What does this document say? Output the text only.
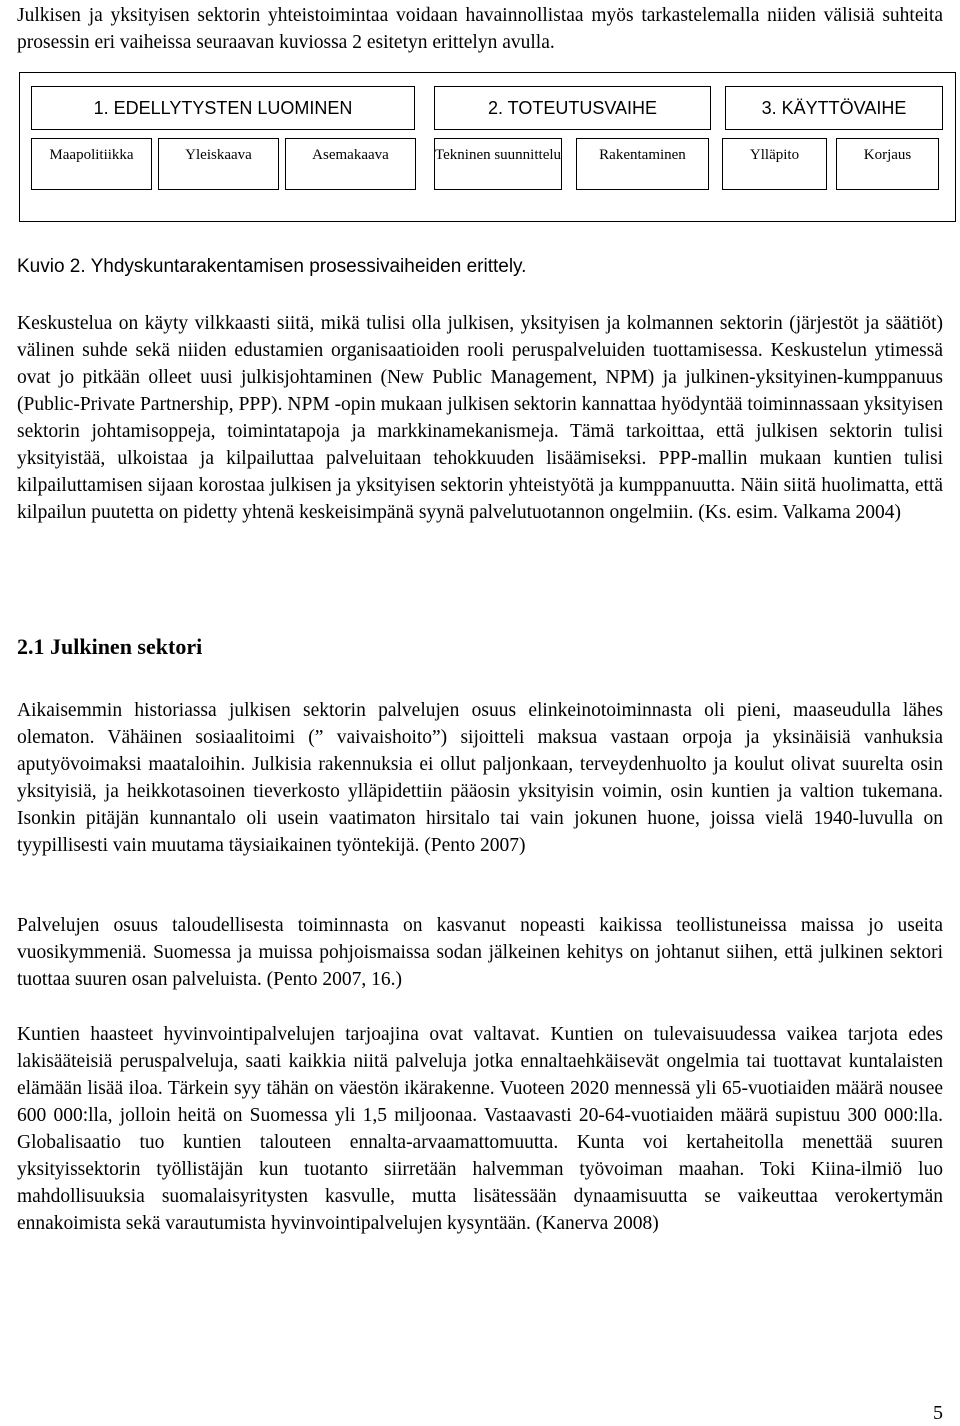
Julkisen ja yksityisen sektorin yhteistoimintaa voidaan havainnollistaa myös tarkastelemalla niiden välisiä suhteita prosessin eri vaiheissa seuraavan kuviossa 2 esitetyn erittelyn avulla.

1. EDELLYTYSTEN LUOMINEN	2. TOTEUTUSVAIHE	3. KÄYTTÖVAIHE
Maapolitiikka	Yleiskaava	Asemakaava	Tekninen suunnittelu	Rakentaminen	Ylläpito	Korjaus
Kuvio 2. Yhdyskuntarakentamisen prosessivaiheiden erittely.

Keskustelua on käyty vilkkaasti siitä, mikä tulisi olla julkisen, yksityisen ja kolmannen sektorin (järjestöt ja säätiöt) välinen suhde sekä niiden edustamien organisaatioiden rooli peruspalveluiden tuottamisessa. Keskustelun ytimessä ovat jo pitkään olleet uusi julkisjohtaminen (New Public Management, NPM) ja julkinen-yksityinen-kumppanuus (Public-Private Partnership, PPP). NPM -opin mukaan julkisen sektorin kannattaa hyödyntää toiminnassaan yksityisen sektorin johtamisoppeja, toimintatapoja ja markkinamekanismeja. Tämä tarkoittaa, että julkisen sektorin tulisi yksityistää, ulkoistaa ja kilpailuttaa palveluitaan tehokkuuden lisäämiseksi. PPP-mallin mukaan kuntien tulisi kilpailuttamisen sijaan korostaa julkisen ja yksityisen sektorin yhteistyötä ja kumppanuutta. Näin siitä huolimatta, että kilpailun puutetta on pidetty yhtenä keskeisimpänä syynä palvelutuotannon ongelmiin. (Ks. esim. Valkama 2004)

2.1 Julkinen sektori

Aikaisemmin historiassa julkisen sektorin palvelujen osuus elinkeinotoiminnasta oli pieni, maaseudulla lähes olematon. Vähäinen sosiaalitoimi (” vaivaishoito”) sijoitteli maksua vastaan orpoja ja yksinäisiä vanhuksia aputyövoimaksi maataloihin. Julkisia rakennuksia ei ollut paljonkaan, terveydenhuolto ja koulut olivat suurelta osin yksityisiä, ja heikkotasoinen tieverkosto ylläpidettiin pääosin yksityisin voimin, osin kuntien ja valtion tukemana. Isonkin pitäjän kunnantalo oli usein vaatimaton hirsitalo tai vain jokunen huone, joissa vielä 1940-luvulla on tyypillisesti vain muutama täysiaikainen työntekijä. (Pento 2007)

Palvelujen osuus taloudellisesta toiminnasta on kasvanut nopeasti kaikissa teollistuneissa maissa jo useita vuosikymmeniä. Suomessa ja muissa pohjoismaissa sodan jälkeinen kehitys on johtanut siihen, että julkinen sektori tuottaa suuren osan palveluista. (Pento 2007, 16.)

Kuntien haasteet hyvinvointipalvelujen tarjoajina ovat valtavat. Kuntien on tulevaisuudessa vaikea tarjota edes lakisääteisiä peruspalveluja, saati kaikkia niitä palveluja jotka ennaltaehkäisevät ongelmia tai tuottavat kuntalaisten elämään lisää iloa. Tärkein syy tähän on väestön ikärakenne. Vuoteen 2020 mennessä yli 65-vuotiaiden määrä nousee 600 000:lla, jolloin heitä on Suomessa yli 1,5 miljoonaa. Vastaavasti 20-64-vuotiaiden määrä supistuu 300 000:lla. Globalisaatio tuo kuntien talouteen ennalta-arvaamattomuutta. Kunta voi kertaheitolla menettää suuren yksityissektorin työllistäjän kun tuotanto siirretään halvemman työvoiman maahan. Toki Kiina-ilmiö luo mahdollisuuksia suomalaisyritysten kasvulle, mutta lisätessään dynaamisuutta se vaikeuttaa verokertymän ennakoimista sekä varautumista hyvinvointipalvelujen kysyntään. (Kanerva 2008)

5
